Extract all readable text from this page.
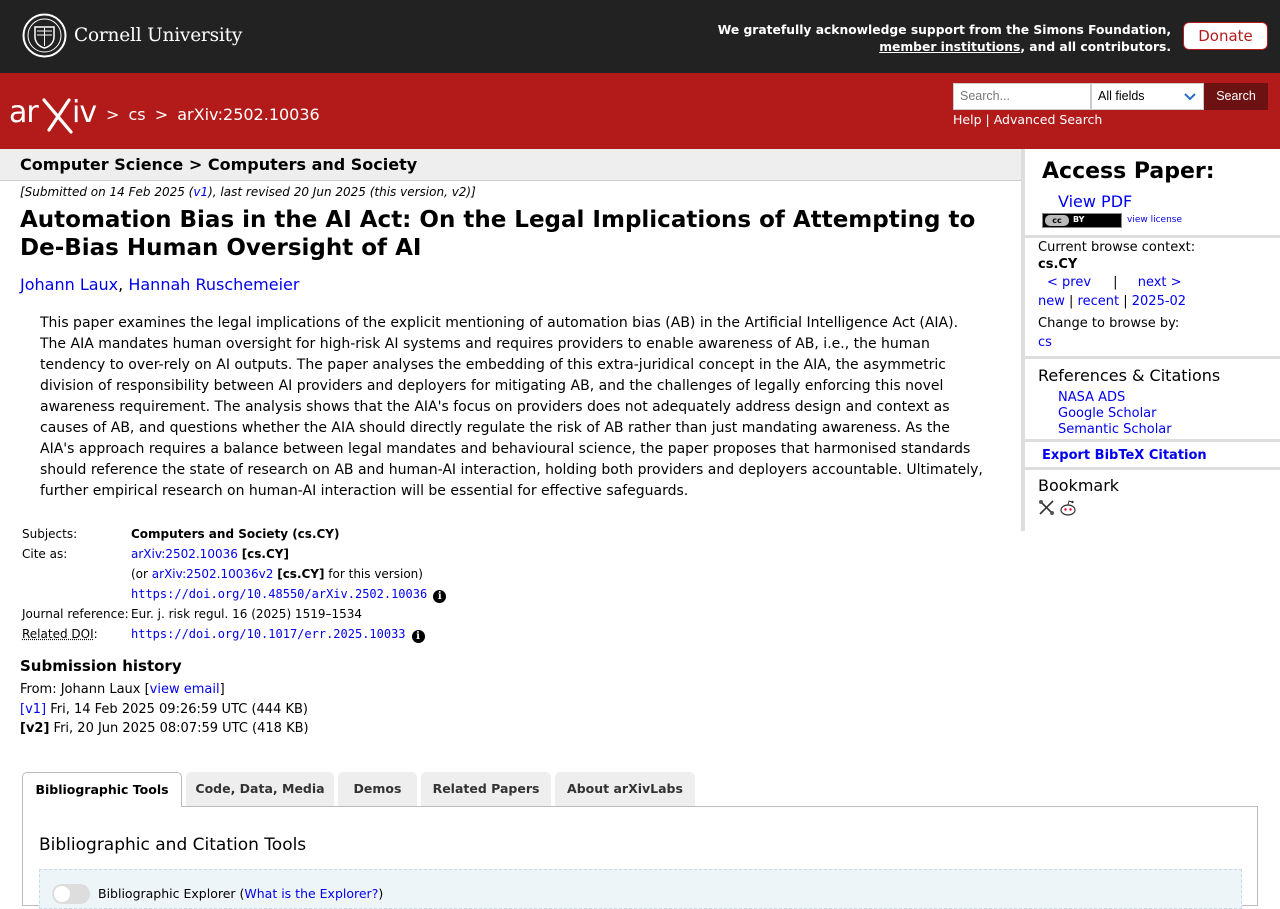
Cornell University	We gratefully acknowledge support from the Simons Foundation,
member institutions, and all contributors.
Donate
ar iv > cs > arXiv:2502.10036
Search...	All fields	Search
Help | Advanced Search
Computer Science > Computers and Society
[Submitted on 14 Feb 2025 (v1), last revised 20 Jun 2025 (this version, v2)]
Automation Bias in the AI Act: On the Legal Implications of Attempting to De-Bias Human Oversight of AI
Johann Laux, Hannah Ruschemeier
This paper examines the legal implications of the explicit mentioning of automation bias (AB) in the Artificial Intelligence Act (AIA). The AIA mandates human oversight for high-risk AI systems and requires providers to enable awareness of AB, i.e., the human tendency to over-rely on AI outputs. The paper analyses the embedding of this extra-juridical concept in the AIA, the asymmetric division of responsibility between AI providers and deployers for mitigating AB, and the challenges of legally enforcing this novel awareness requirement. The analysis shows that the AIA's focus on providers does not adequately address design and context as causes of AB, and questions whether the AIA should directly regulate the risk of AB rather than just mandating awareness. As the AIA's approach requires a balance between legal mandates and behavioural science, the paper proposes that harmonised standards should reference the state of research on AB and human-AI interaction, holding both providers and deployers accountable. Ultimately, further empirical research on human-AI interaction will be essential for effective safeguards.
Subjects:	Computers and Society (cs.CY)
Cite as:	arXiv:2502.10036 [cs.CY]
(or arXiv:2502.10036v2 [cs.CY] for this version)
https://doi.org/10.48550/arXiv.2502.10036 i
Journal reference: Eur. j. risk regul. 16 (2025) 1519–1534
Related DOI:	https://doi.org/10.1017/err.2025.10033 i
Submission history
From: Johann Laux [view email]
[v1] Fri, 14 Feb 2025 09:26:59 UTC (444 KB)
[v2] Fri, 20 Jun 2025 08:07:59 UTC (418 KB)
Bibliographic and Citation Tools
Bibliographic Explorer (What is the Explorer?)
Bibliographic Tools	Code, Data, Media	Demos	Related Papers	About arXivLabs
Access Paper:
View PDF
cc	BY	view license
Current browse context:
cs.CY
< prev | next >
new | recent | 2025-02
Change to browse by:
cs
References & Citations
NASA ADS
Google Scholar
Semantic Scholar
Export BibTeX Citation
Bookmark
